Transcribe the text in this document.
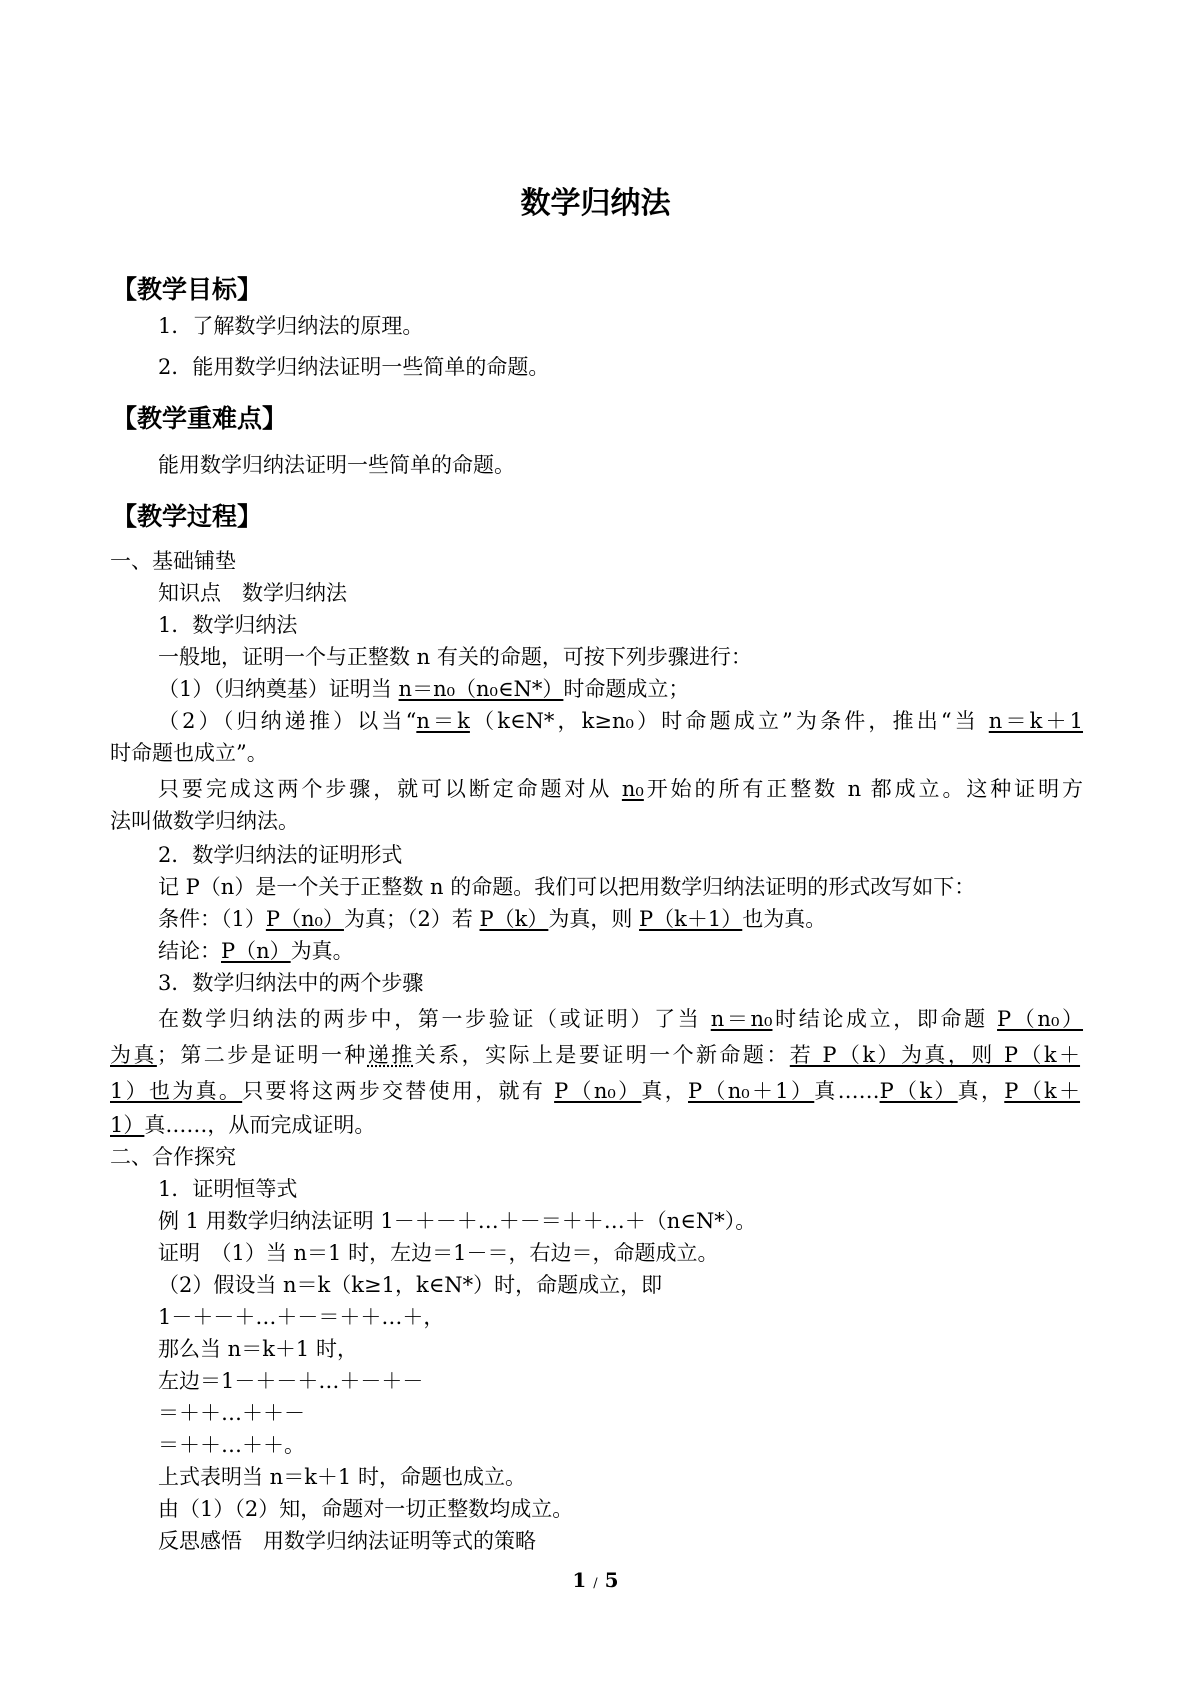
数学归纳法
【教学目标】
1．了解数学归纳法的原理。
2．能用数学归纳法证明一些简单的命题。
【教学重难点】
能用数学归纳法证明一些简单的命题。
【教学过程】
一、基础铺垫
知识点　数学归纳法
1．数学归纳法
一般地，证明一个与正整数 n 有关的命题，可按下列步骤进行：
（1）（归纳奠基）证明当 n＝n₀（n₀∈N*）时命题成立；
（2）（归纳递推）以当“n＝k（k∈N*，k≥n₀）时命题成立”为条件，推出“当 n＝k＋1
时命题也成立”。
只要完成这两个步骤，就可以断定命题对从 n₀开始的所有正整数 n 都成立。这种证明方
法叫做数学归纳法。
2．数学归纳法的证明形式
记 P（n）是一个关于正整数 n 的命题。我们可以把用数学归纳法证明的形式改写如下：
条件：（1）P（n₀）为真；（2）若 P（k）为真，则 P（k＋1）也为真。
结论：P（n）为真。
3．数学归纳法中的两个步骤
在数学归纳法的两步中，第一步验证（或证明）了当 n＝n₀时结论成立，即命题 P（n₀）
为真；第二步是证明一种递推关系，实际上是要证明一个新命题：若 P（k）为真，则 P（k＋
1）也为真。只要将这两步交替使用，就有 P（n₀）真，P（n₀＋1）真……P（k）真，P（k＋
1）真……，从而完成证明。
二、合作探究
1．证明恒等式
例 1 用数学归纳法证明 1－＋－＋…＋－＝＋＋…＋（n∈N*）。
证明　（1）当 n＝1 时，左边＝1－＝，右边＝，命题成立。
（2）假设当 n＝k（k≥1，k∈N*）时，命题成立，即
1－＋－＋…＋－＝＋＋…＋，
那么当 n＝k＋1 时，
左边＝1－＋－＋…＋－＋－
＝＋＋…＋＋－
＝＋＋…＋＋。
上式表明当 n＝k＋1 时，命题也成立。
由（1）（2）知，命题对一切正整数均成立。
反思感悟　用数学归纳法证明等式的策略
1 / 5
